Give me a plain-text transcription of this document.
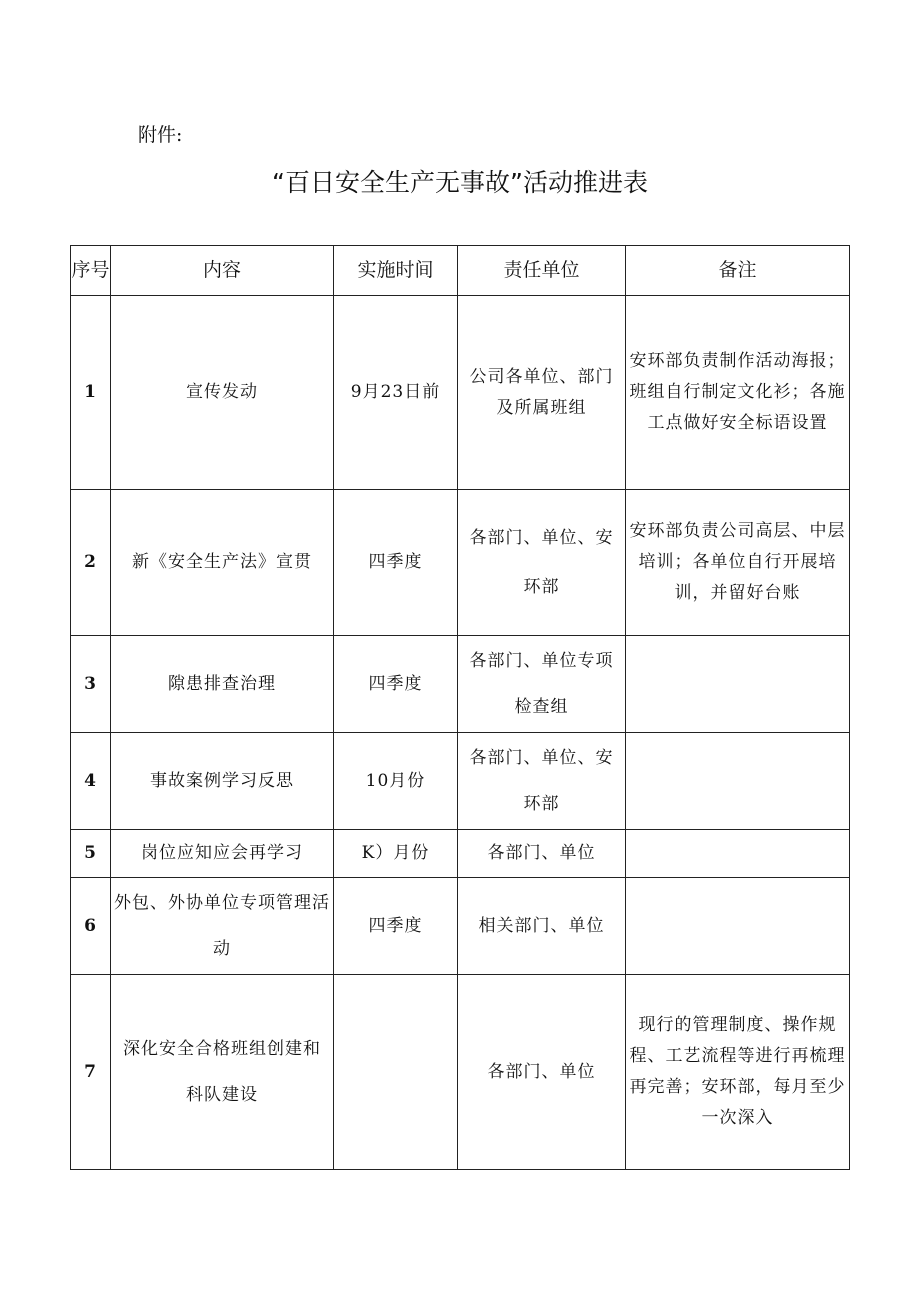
附件:
“百日安全生产无事故”活动推进表
序号	内容	实施时间	责任单位	备注
1	宣传发动	9月23日前	公司各单位、部门及所属班组	安环部负责制作活动海报；班组自行制定文化衫；各施工点做好安全标语设置
2	新《安全生产法》宣贯	四季度	各部门、单位、安环部	安环部负责公司高层、中层培训；各单位自行开展培训，并留好台账
3	隙患排查治理	四季度	各部门、单位专项检查组	
4	事故案例学习反思	10月份	各部门、单位、安环部	
5	岗位应知应会再学习	K）月份	各部门、单位	
6	外包、外协单位专项管理活动	四季度	相关部门、单位	
7	深化安全合格班组创建和科队建设		各部门、单位	现行的管理制度、操作规程、工艺流程等进行再梳理再完善；安环部，每月至少一次深入
